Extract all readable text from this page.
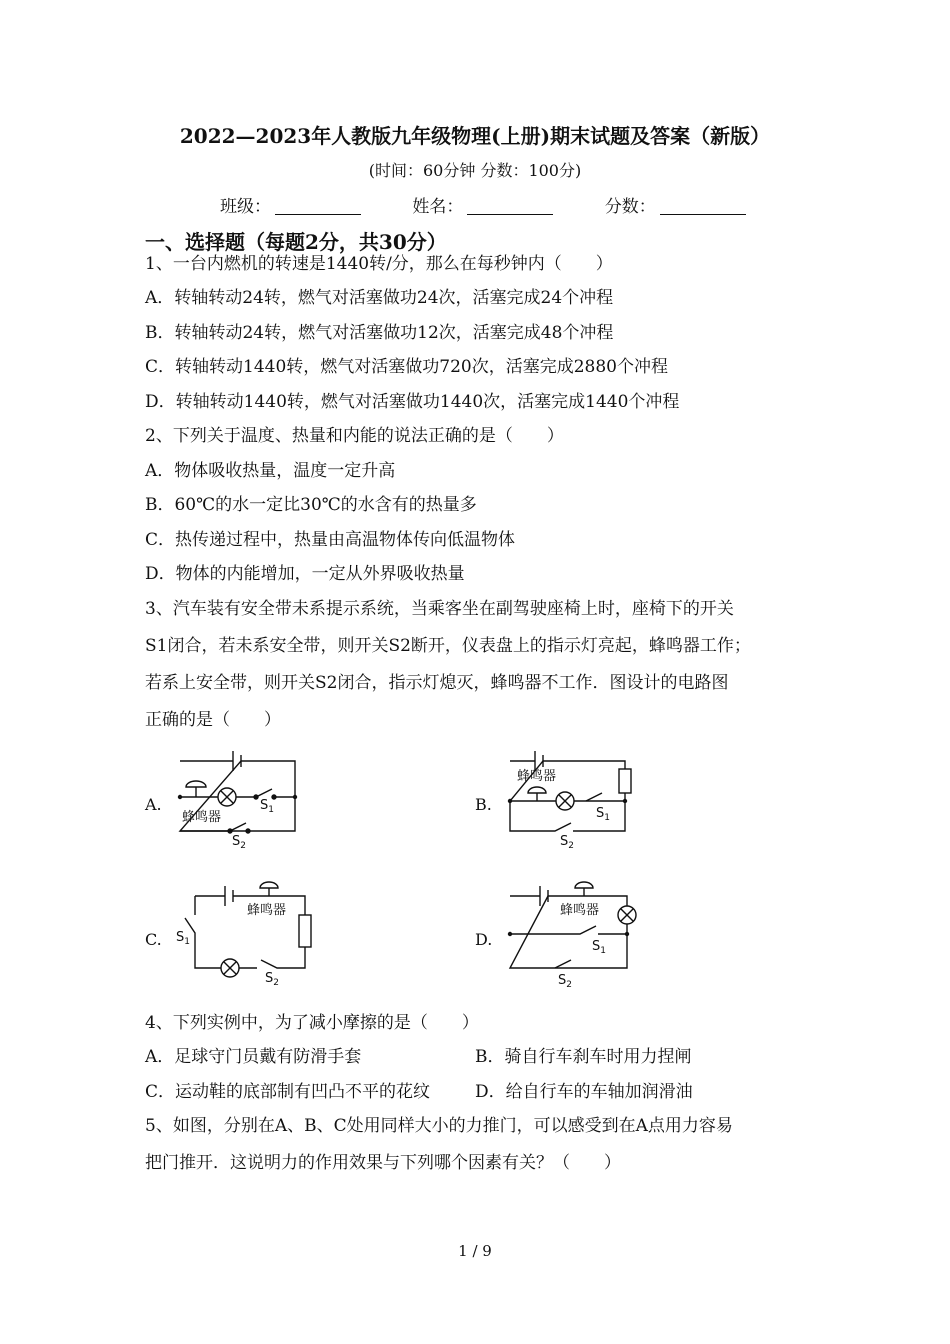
2022—2023年人教版九年级物理(上册)期末试题及答案（新版）
(时间：60分钟 分数：100分)
班级：	姓名：	分数：
一、选择题（每题2分，共30分）
1、一台内燃机的转速是1440转/分，那么在每秒钟内（　　）
A．转轴转动24转，燃气对活塞做功24次，活塞完成24个冲程
B．转轴转动24转，燃气对活塞做功12次，活塞完成48个冲程
C．转轴转动1440转，燃气对活塞做功720次，活塞完成2880个冲程
D．转轴转动1440转，燃气对活塞做功1440次，活塞完成1440个冲程
2、下列关于温度、热量和内能的说法正确的是（　　）
A．物体吸收热量，温度一定升高
B．60℃的水一定比30℃的水含有的热量多
C．热传递过程中，热量由高温物体传向低温物体
D．物体的内能增加，一定从外界吸收热量
3、汽车装有安全带未系提示系统，当乘客坐在副驾驶座椅上时，座椅下的开关
S1闭合，若未系安全带，则开关S2断开，仪表盘上的指示灯亮起，蜂鸣器工作；
若系上安全带，则开关S2闭合，指示灯熄灭，蜂鸣器不工作．图设计的电路图
正确的是（　　）
蜂鸣器
$S_1$
$S_2$
蜂鸣器
$S_1$
$S_2$
蜂鸣器
$S_1$
$S_2$
蜂鸣器
$S_1$
$S_2$
A.	B.
C.	D.
4、下列实例中，为了减小摩擦的是（　　）
A．足球守门员戴有防滑手套	B．骑自行车刹车时用力捏闸
C．运动鞋的底部制有凹凸不平的花纹	D．给自行车的车轴加润滑油
5、如图，分别在A、B、C处用同样大小的力推门，可以感受到在A点用力容易
把门推开．这说明力的作用效果与下列哪个因素有关？（　　）
1 / 9
